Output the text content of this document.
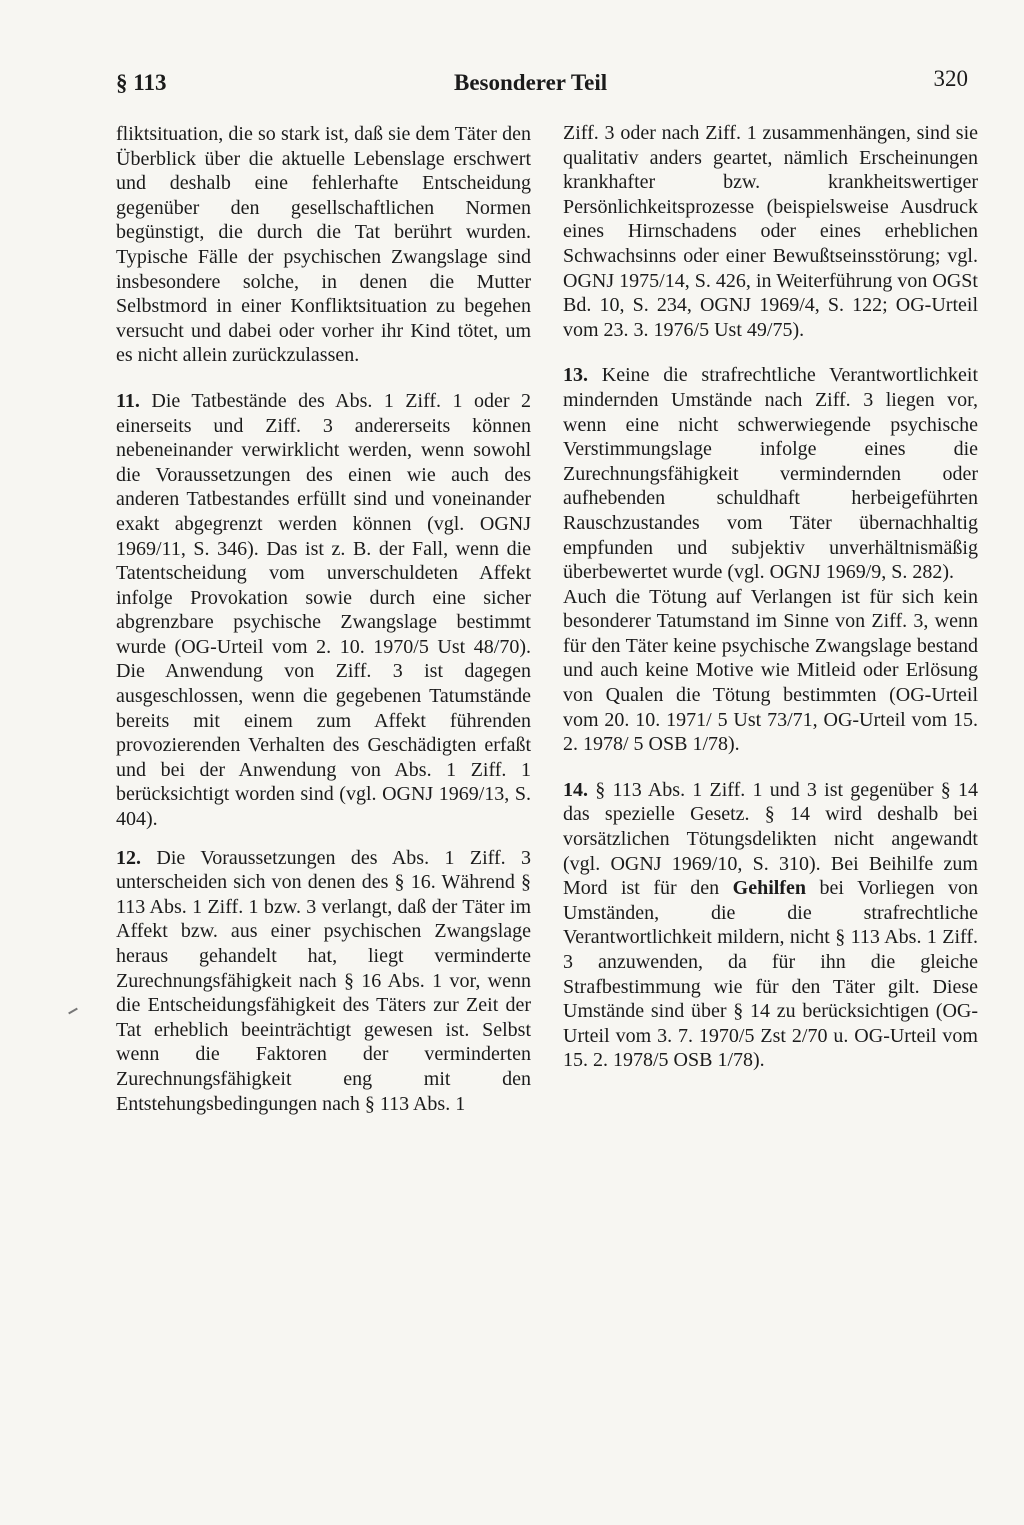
§ 113	Besonderer Teil	320

fliktsituation, die so stark ist, daß sie dem Täter den Überblick über die aktuelle Lebenslage erschwert und deshalb eine fehlerhafte Entscheidung gegenüber den gesellschaftlichen Normen begünstigt, die durch die Tat berührt wurden. Typische Fälle der psychischen Zwangslage sind insbesondere solche, in denen die Mutter Selbstmord in einer Konfliktsituation zu begehen versucht und dabei oder vorher ihr Kind tötet, um es nicht allein zurückzulassen.

11. Die Tatbestände des Abs. 1 Ziff. 1 oder 2 einerseits und Ziff. 3 andererseits können nebeneinander verwirklicht werden, wenn sowohl die Voraussetzungen des einen wie auch des anderen Tatbestandes erfüllt sind und voneinander exakt abgegrenzt werden können (vgl. OGNJ 1969/11, S. 346). Das ist z. B. der Fall, wenn die Tatentscheidung vom unverschuldeten Affekt infolge Provokation sowie durch eine sicher abgrenzbare psychische Zwangslage bestimmt wurde (OG-Urteil vom 2. 10. 1970/5 Ust 48/70). Die Anwendung von Ziff. 3 ist dagegen ausgeschlossen, wenn die gegebenen Tatumstände bereits mit einem zum Affekt führenden provozierenden Verhalten des Geschädigten erfaßt und bei der Anwendung von Abs. 1 Ziff. 1 berücksichtigt worden sind (vgl. OGNJ 1969/13, S. 404).

12. Die Voraussetzungen des Abs. 1 Ziff. 3 unterscheiden sich von denen des § 16. Während § 113 Abs. 1 Ziff. 1 bzw. 3 verlangt, daß der Täter im Affekt bzw. aus einer psychischen Zwangslage heraus gehandelt hat, liegt verminderte Zurechnungsfähigkeit nach § 16 Abs. 1 vor, wenn die Entscheidungsfähigkeit des Täters zur Zeit der Tat erheblich beeinträchtigt gewesen ist. Selbst wenn die Faktoren der verminderten Zurechnungsfähigkeit eng mit den Entstehungsbedingungen nach § 113 Abs. 1

Ziff. 3 oder nach Ziff. 1 zusammenhängen, sind sie qualitativ anders geartet, nämlich Erscheinungen krankhafter bzw. krankheitswertiger Persönlichkeitsprozesse (beispielsweise Ausdruck eines Hirnschadens oder eines erheblichen Schwachsinns oder einer Bewußtseinsstörung; vgl. OGNJ 1975/14, S. 426, in Weiterführung von OGSt Bd. 10, S. 234, OGNJ 1969/4, S. 122; OG-Urteil vom 23. 3. 1976/5 Ust 49/75).

13. Keine die strafrechtliche Verantwortlichkeit mindernden Umstände nach Ziff. 3 liegen vor, wenn eine nicht schwerwiegende psychische Verstimmungslage infolge eines die Zurechnungsfähigkeit vermindernden oder aufhebenden schuldhaft herbeigeführten Rauschzustandes vom Täter übernachhaltig empfunden und subjektiv unverhältnismäßig überbewertet wurde (vgl. OGNJ 1969/9, S. 282).

Auch die Tötung auf Verlangen ist für sich kein besonderer Tatumstand im Sinne von Ziff. 3, wenn für den Täter keine psychische Zwangslage bestand und auch keine Motive wie Mitleid oder Erlösung von Qualen die Tötung bestimmten (OG-Urteil vom 20. 10. 1971/ 5 Ust 73/71, OG-Urteil vom 15. 2. 1978/ 5 OSB 1/78).

14. § 113 Abs. 1 Ziff. 1 und 3 ist gegenüber § 14 das spezielle Gesetz. § 14 wird deshalb bei vorsätzlichen Tötungsdelikten nicht angewandt (vgl. OGNJ 1969/10, S. 310). Bei Beihilfe zum Mord ist für den Gehilfen bei Vorliegen von Umständen, die die strafrechtliche Verantwortlichkeit mildern, nicht § 113 Abs. 1 Ziff. 3 anzuwenden, da für ihn die gleiche Strafbestimmung wie für den Täter gilt. Diese Umstände sind über § 14 zu berücksichtigen (OG-Urteil vom 3. 7. 1970/5 Zst 2/70 u. OG-Urteil vom 15. 2. 1978/5 OSB 1/78).
